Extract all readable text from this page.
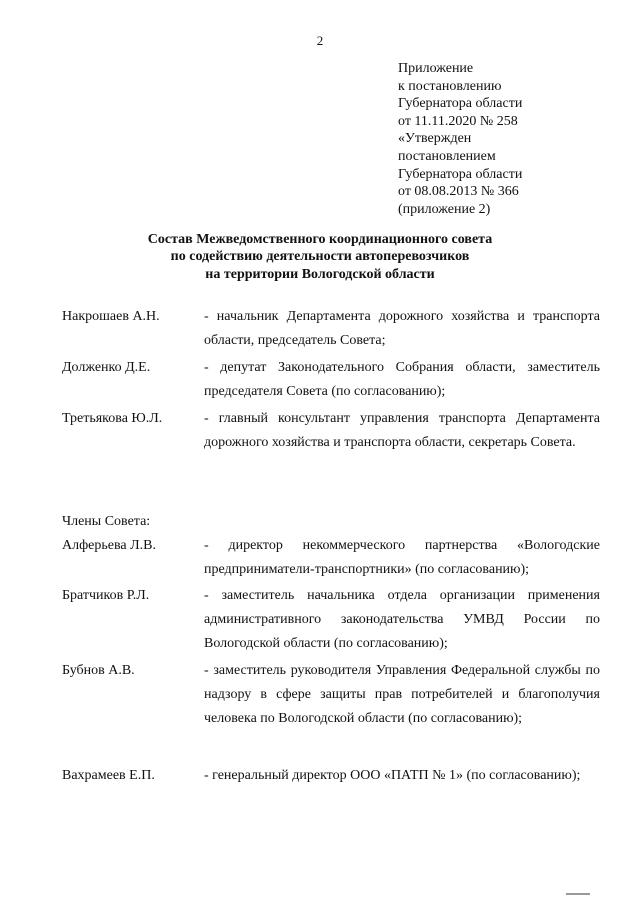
2
Приложение
к постановлению
Губернатора области
от 11.11.2020 № 258
«Утвержден
постановлением
Губернатора области
от 08.08.2013 № 366
(приложение 2)
Состав Межведомственного координационного совета
по содействию деятельности автоперевозчиков
на территории Вологодской области
Накрошаев А.Н.	- начальник Департамента дорожного хозяйства и транспорта области, председатель Совета;
Долженко Д.Е.	- депутат Законодательного Собрания области, заместитель председателя Совета (по согласованию);
Третьякова Ю.Л.	- главный консультант управления транспорта Департамента дорожного хозяйства и транспорта области, секретарь Совета.
Члены Совета:
Алферьева Л.В.	- директор некоммерческого партнерства «Вологодские предприниматели-транспортники» (по согласованию);
Братчиков Р.Л.	- заместитель начальника отдела организации применения административного законодательства УМВД России по Вологодской области (по согласованию);
Бубнов А.В.	- заместитель руководителя Управления Федеральной службы по надзору в сфере защиты прав потребителей и благополучия человека по Вологодской области (по согласованию);
Вахрамеев Е.П.	- генеральный директор ООО «ПАТП № 1» (по согласованию);
